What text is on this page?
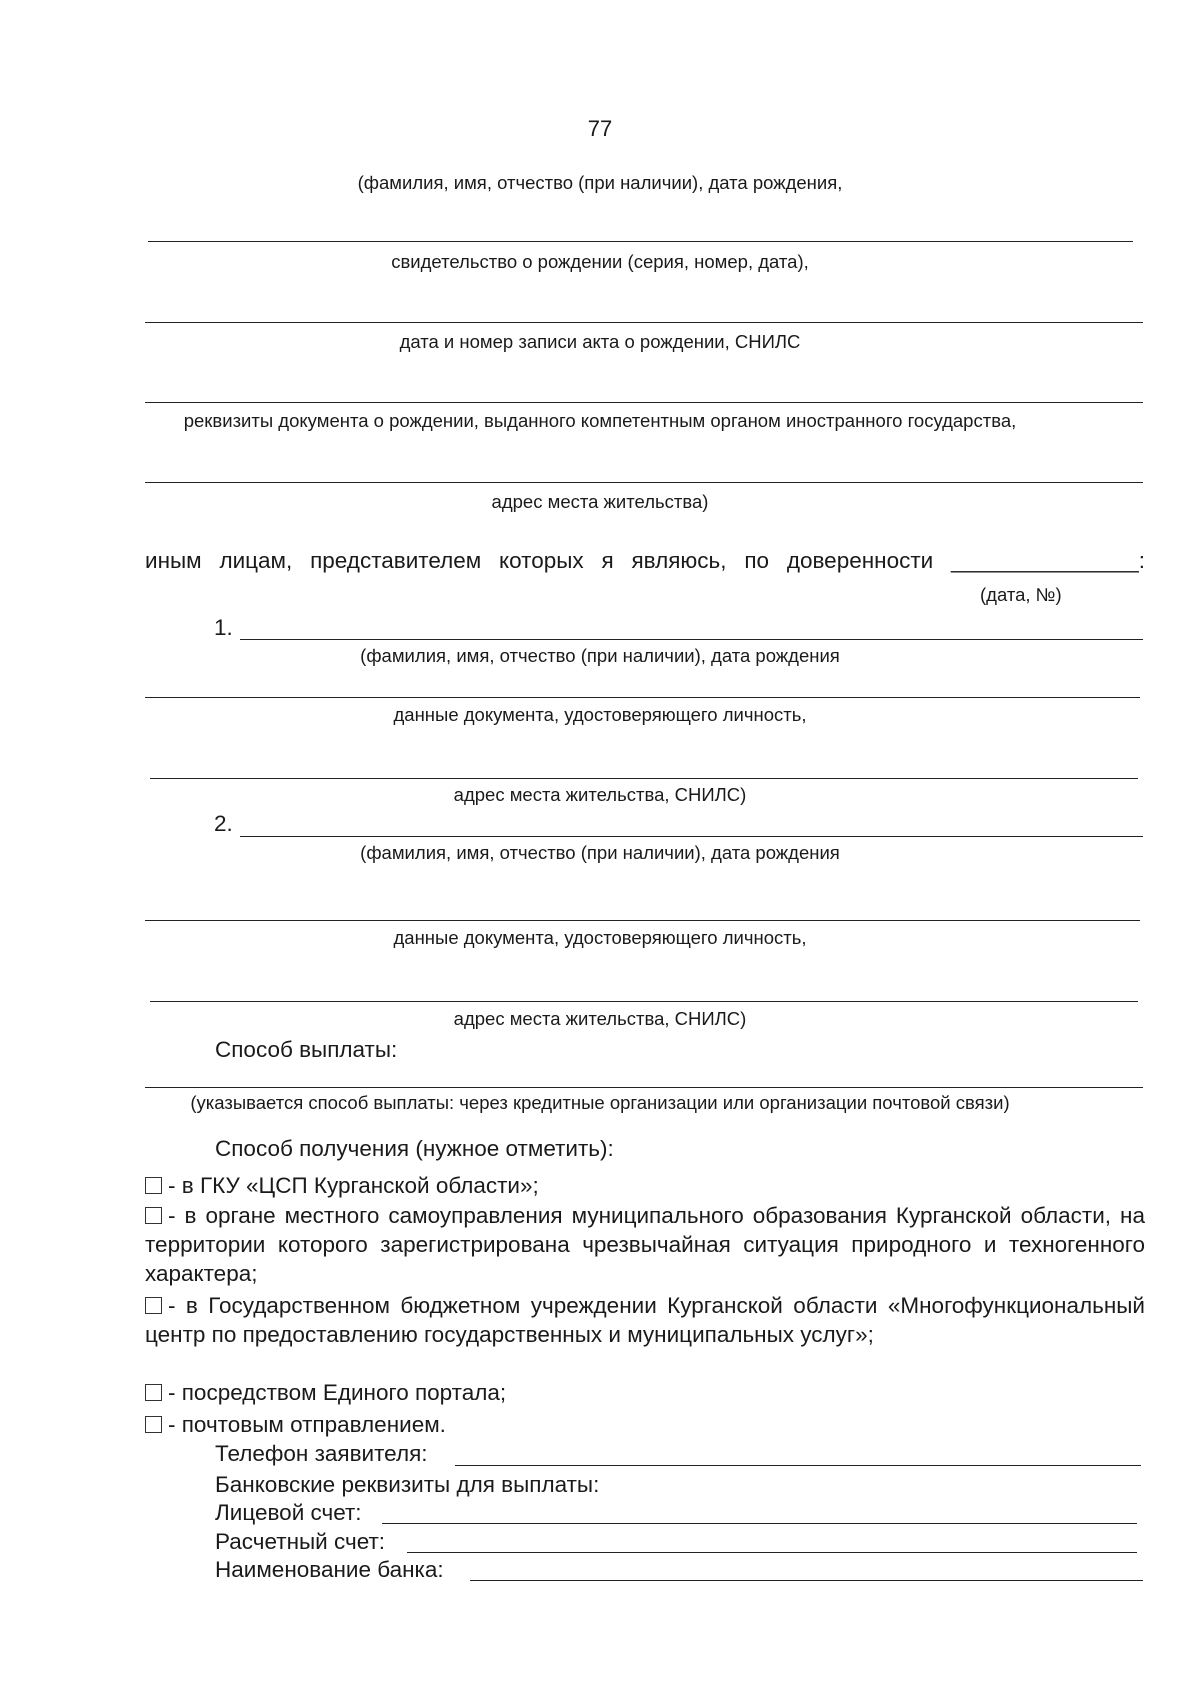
77
(фамилия, имя, отчество (при наличии), дата рождения,
свидетельство о рождении (серия, номер, дата),
дата и номер записи акта о рождении, СНИЛС
реквизиты документа о рождении, выданного компетентным органом иностранного государства,
адрес места жительства)
иным лицам, представителем которых я являюсь, по доверенности _______________:
(дата, №)
1.
(фамилия, имя, отчество (при наличии), дата рождения
данные документа, удостоверяющего личность,
адрес места жительства, СНИЛС)
2.
(фамилия, имя, отчество (при наличии), дата рождения
данные документа, удостоверяющего личность,
адрес места жительства, СНИЛС)
Способ выплаты:
(указывается способ выплаты: через кредитные организации или организации почтовой связи)
Способ получения (нужное отметить):
- в ГКУ «ЦСП Курганской области»;
- в органе местного самоуправления муниципального образования Курганской области, на территории которого зарегистрирована чрезвычайная ситуация природного и техногенного характера;
- в Государственном бюджетном учреждении Курганской области «Многофункциональный центр по предоставлению государственных и муниципальных услуг»;
- посредством Единого портала;
- почтовым отправлением.
Телефон заявителя:
Банковские реквизиты для выплаты:
Лицевой счет:
Расчетный счет:
Наименование банка:
